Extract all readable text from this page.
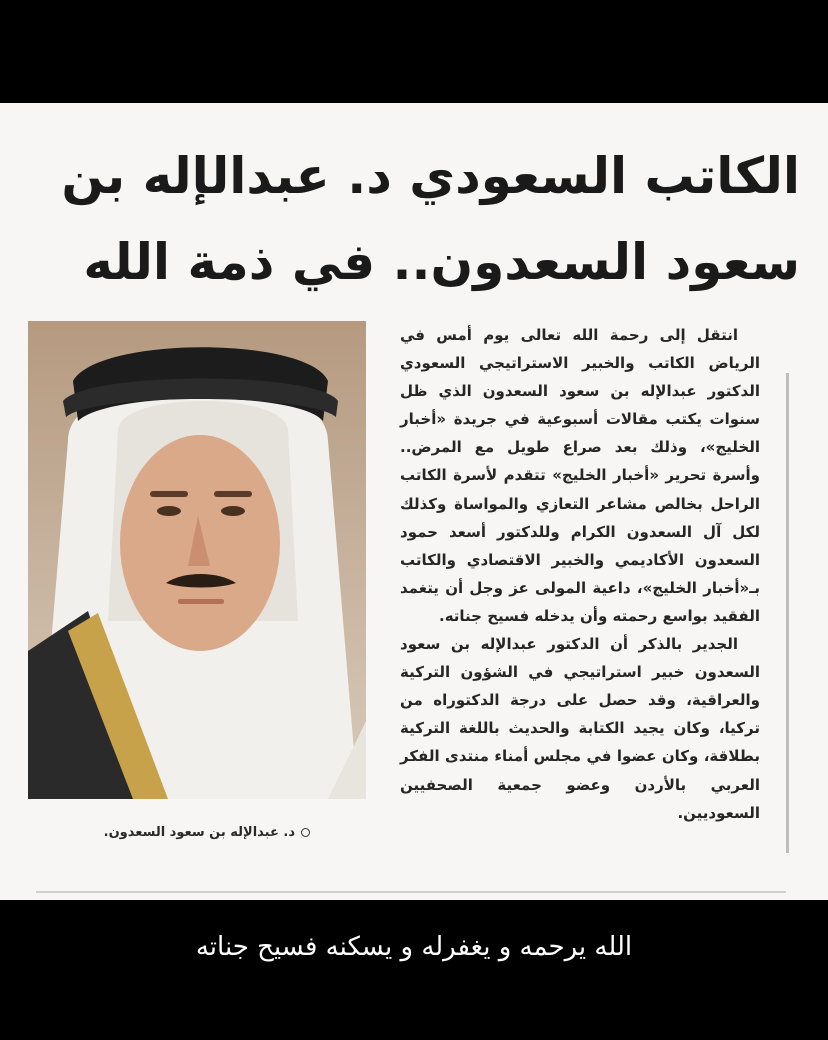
الكاتب السعودي د. عبدالإله بن
سعود السعدون.. في ذمة الله
د. عبدالإله بن سعود السعدون.

انتقل إلى رحمة الله تعالى يوم أمس في الرياض الكاتب والخبير الاستراتيجي السعودي الدكتور عبدالإله بن سعود السعدون الذي ظل سنوات يكتب مقالات أسبوعية في جريدة «أخبار الخليج»، وذلك بعد صراع طويل مع المرض.. وأسرة تحرير «أخبار الخليج» تتقدم لأسرة الكاتب الراحل بخالص مشاعر التعازي والمواساة وكذلك لكل آل السعدون الكرام وللدكتور أسعد حمود السعدون الأكاديمي والخبير الاقتصادي والكاتب بـ«أخبار الخليج»، داعية المولى عز وجل أن يتغمد الفقيد بواسع رحمته وأن يدخله فسيح جناته.

الجدير بالذكر أن الدكتور عبدالإله بن سعود السعدون خبير استراتيجي في الشؤون التركية والعراقية، وقد حصل على درجة الدكتوراه من تركيا، وكان يجيد الكتابة والحديث باللغة التركية بطلاقة، وكان عضوا في مجلس أمناء منتدى الفكر العربي بالأردن وعضو جمعية الصحفيين السعوديين.

الله يرحمه و يغفرله و يسكنه فسيح جناته
